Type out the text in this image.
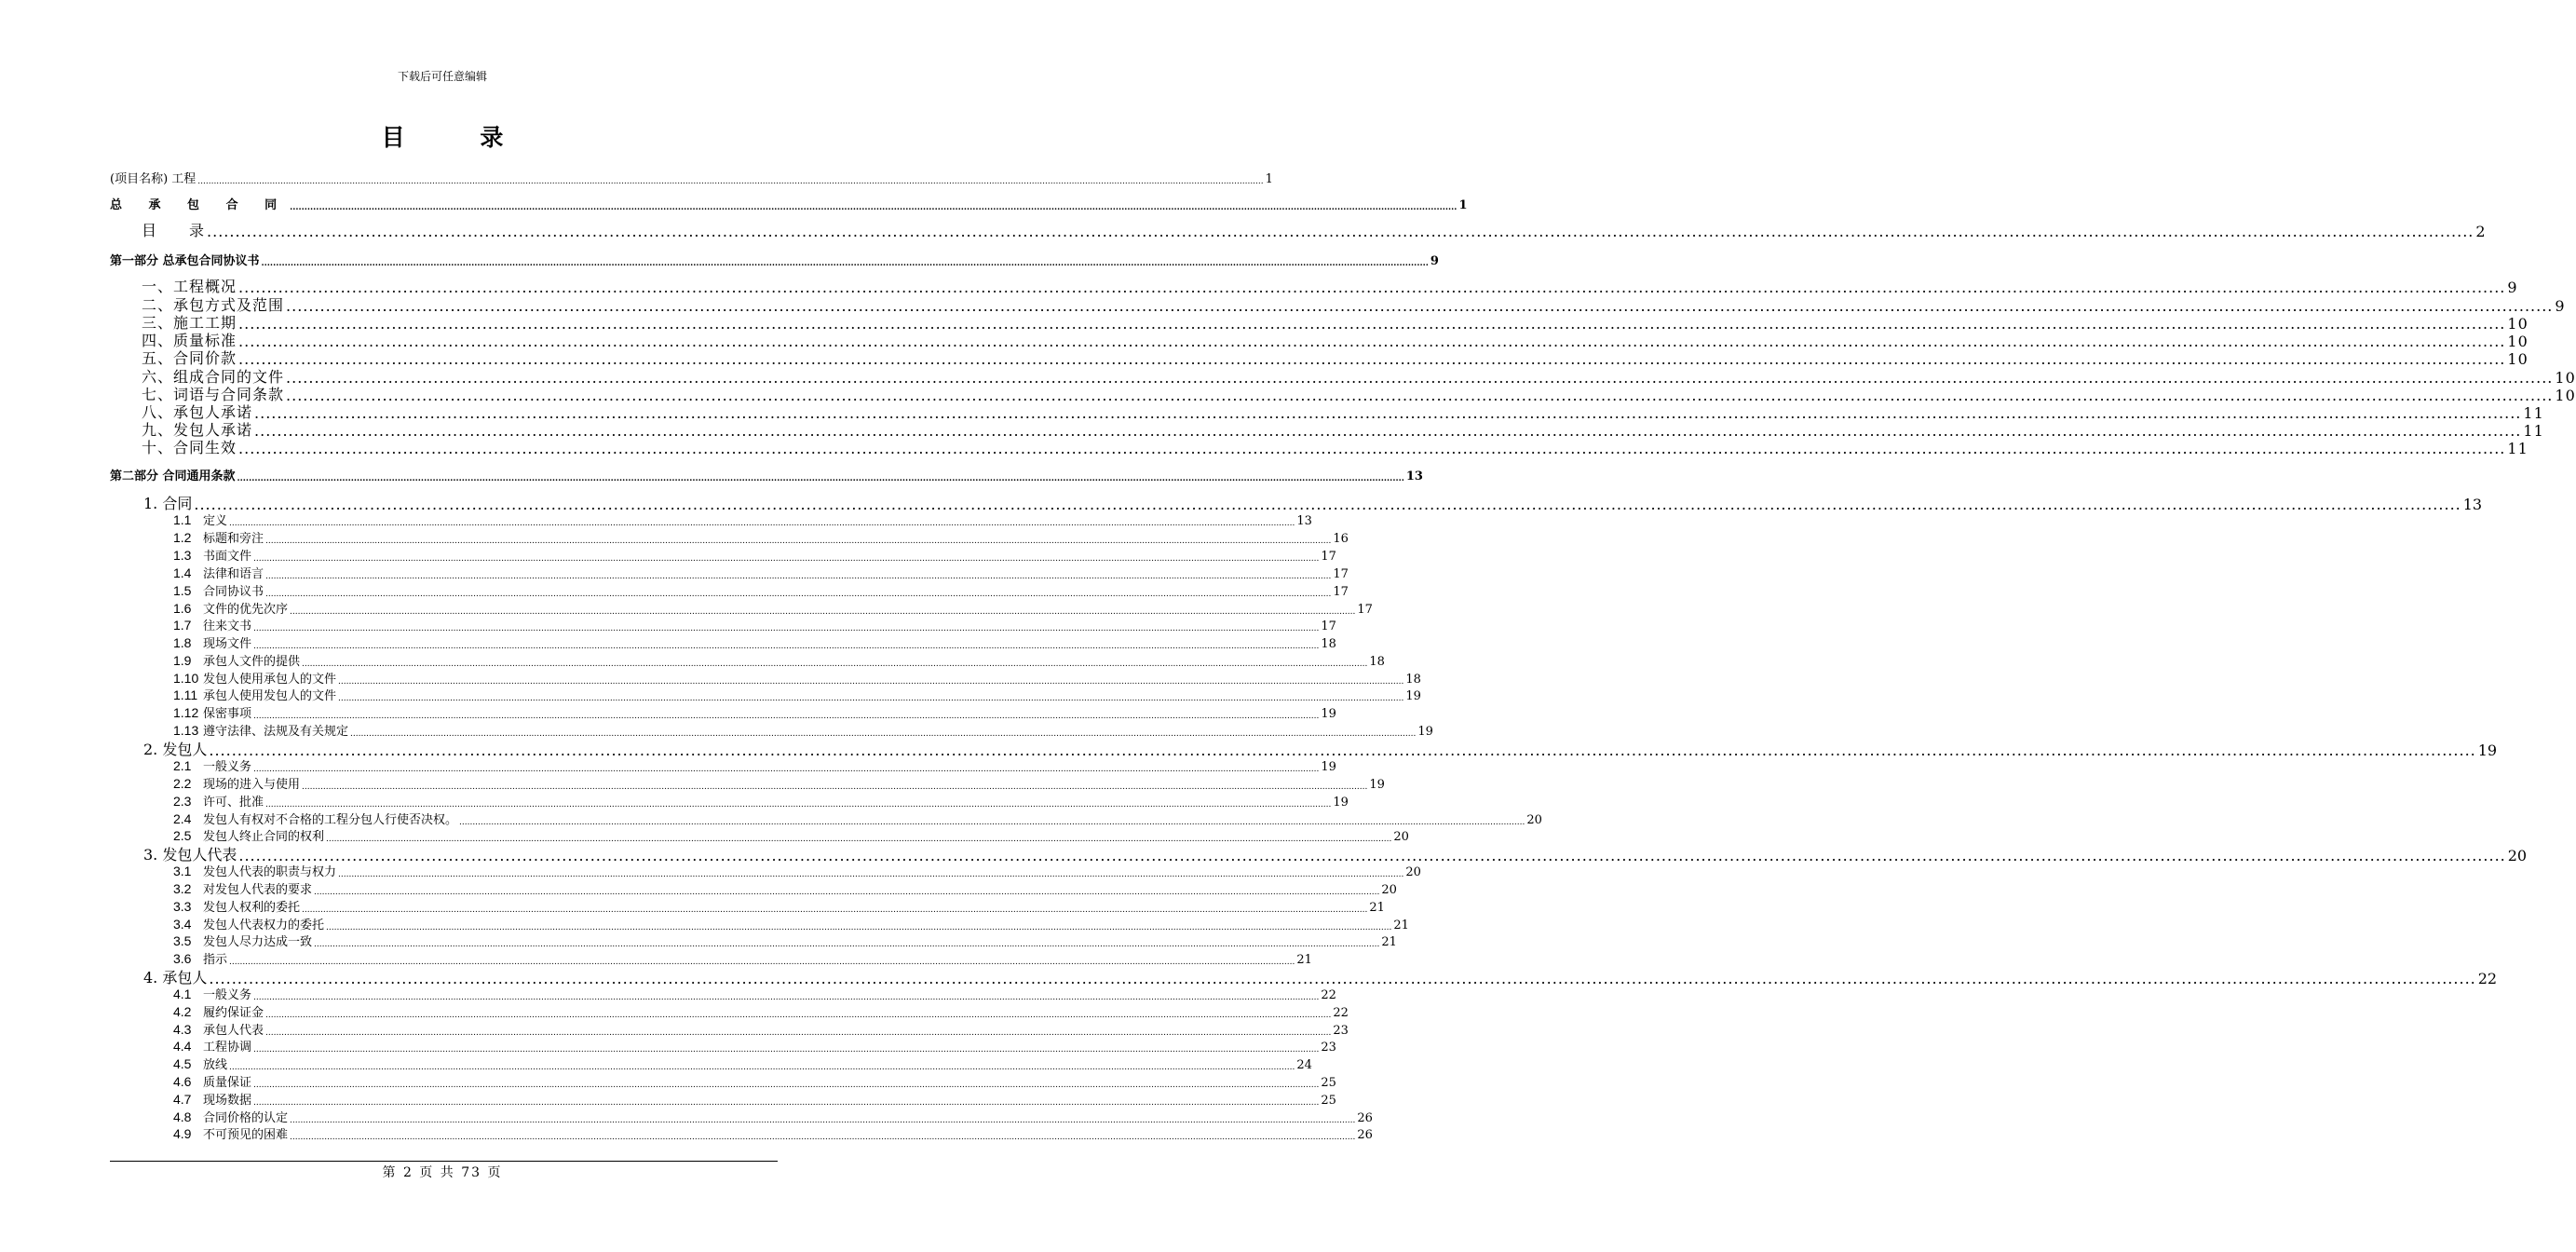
下载后可任意编辑
目 录
(项目名称) 工程 ................................................................................................................................................................................................................................................................................................................................................................................................................ 1
总 承 包 合 同 ................................................................................................................................................................................................................................................................................................................................................................................................................ 1
目　　录 ................................................................................................................................................................................................................................................................................................................................................................................................................ 2
第一部分 总承包合同协议书 ................................................................................................................................................................................................................................................................................................................................................................................................................ 9
一、工程概况 ................................................................................................................................................................................................................................................................................................................................................................................................................ 9
二、承包方式及范围 ................................................................................................................................................................................................................................................................................................................................................................................................................ 9
三、施工工期 ................................................................................................................................................................................................................................................................................................................................................................................................................ 10
四、质量标准 ................................................................................................................................................................................................................................................................................................................................................................................................................ 10
五、合同价款 ................................................................................................................................................................................................................................................................................................................................................................................................................ 10
六、组成合同的文件 ................................................................................................................................................................................................................................................................................................................................................................................................................ 10
七、词语与合同条款 ................................................................................................................................................................................................................................................................................................................................................................................................................ 10
八、承包人承诺 ................................................................................................................................................................................................................................................................................................................................................................................................................ 11
九、发包人承诺 ................................................................................................................................................................................................................................................................................................................................................................................................................ 11
十、合同生效 ................................................................................................................................................................................................................................................................................................................................................................................................................ 11
第二部分 合同通用条款 ................................................................................................................................................................................................................................................................................................................................................................................................................ 13
1. 合同 ................................................................................................................................................................................................................................................................................................................................................................................................................ 13
1.1 定义 ................................................................................................................................................................................................................................................................................................................................................................................................................ 13
1.2 标题和旁注 ................................................................................................................................................................................................................................................................................................................................................................................................................ 16
1.3 书面文件 ................................................................................................................................................................................................................................................................................................................................................................................................................ 17
1.4 法律和语言 ................................................................................................................................................................................................................................................................................................................................................................................................................ 17
1.5 合同协议书 ................................................................................................................................................................................................................................................................................................................................................................................................................ 17
1.6 文件的优先次序 ................................................................................................................................................................................................................................................................................................................................................................................................................ 17
1.7 往来文书 ................................................................................................................................................................................................................................................................................................................................................................................................................ 17
1.8 现场文件 ................................................................................................................................................................................................................................................................................................................................................................................................................ 18
1.9 承包人文件的提供 ................................................................................................................................................................................................................................................................................................................................................................................................................ 18
1.10 发包人使用承包人的文件 ................................................................................................................................................................................................................................................................................................................................................................................................................ 18
1.11 承包人使用发包人的文件 ................................................................................................................................................................................................................................................................................................................................................................................................................ 19
1.12 保密事项 ................................................................................................................................................................................................................................................................................................................................................................................................................ 19
1.13 遵守法律、法规及有关规定 ................................................................................................................................................................................................................................................................................................................................................................................................................ 19
2. 发包人 ................................................................................................................................................................................................................................................................................................................................................................................................................ 19
2.1 一般义务 ................................................................................................................................................................................................................................................................................................................................................................................................................ 19
2.2 现场的进入与使用 ................................................................................................................................................................................................................................................................................................................................................................................................................ 19
2.3 许可、批准 ................................................................................................................................................................................................................................................................................................................................................................................................................ 19
2.4 发包人有权对不合格的工程分包人行使否决权。 ................................................................................................................................................................................................................................................................................................................................................................................................................ 20
2.5 发包人终止合同的权利 ................................................................................................................................................................................................................................................................................................................................................................................................................ 20
3. 发包人代表 ................................................................................................................................................................................................................................................................................................................................................................................................................ 20
3.1 发包人代表的职责与权力 ................................................................................................................................................................................................................................................................................................................................................................................................................ 20
3.2 对发包人代表的要求 ................................................................................................................................................................................................................................................................................................................................................................................................................ 20
3.3 发包人权利的委托 ................................................................................................................................................................................................................................................................................................................................................................................................................ 21
3.4 发包人代表权力的委托 ................................................................................................................................................................................................................................................................................................................................................................................................................ 21
3.5 发包人尽力达成一致 ................................................................................................................................................................................................................................................................................................................................................................................................................ 21
3.6 指示 ................................................................................................................................................................................................................................................................................................................................................................................................................ 21
4. 承包人 ................................................................................................................................................................................................................................................................................................................................................................................................................ 22
4.1 一般义务 ................................................................................................................................................................................................................................................................................................................................................................................................................ 22
4.2 履约保证金 ................................................................................................................................................................................................................................................................................................................................................................................................................ 22
4.3 承包人代表 ................................................................................................................................................................................................................................................................................................................................................................................................................ 23
4.4 工程协调 ................................................................................................................................................................................................................................................................................................................................................................................................................ 23
4.5 放线 ................................................................................................................................................................................................................................................................................................................................................................................................................ 24
4.6 质量保证 ................................................................................................................................................................................................................................................................................................................................................................................................................ 25
4.7 现场数据 ................................................................................................................................................................................................................................................................................................................................................................................................................ 25
4.8 合同价格的认定 ................................................................................................................................................................................................................................................................................................................................................................................................................ 26
4.9 不可预见的困难 ................................................................................................................................................................................................................................................................................................................................................................................................................ 26
第 2 页 共 73 页
